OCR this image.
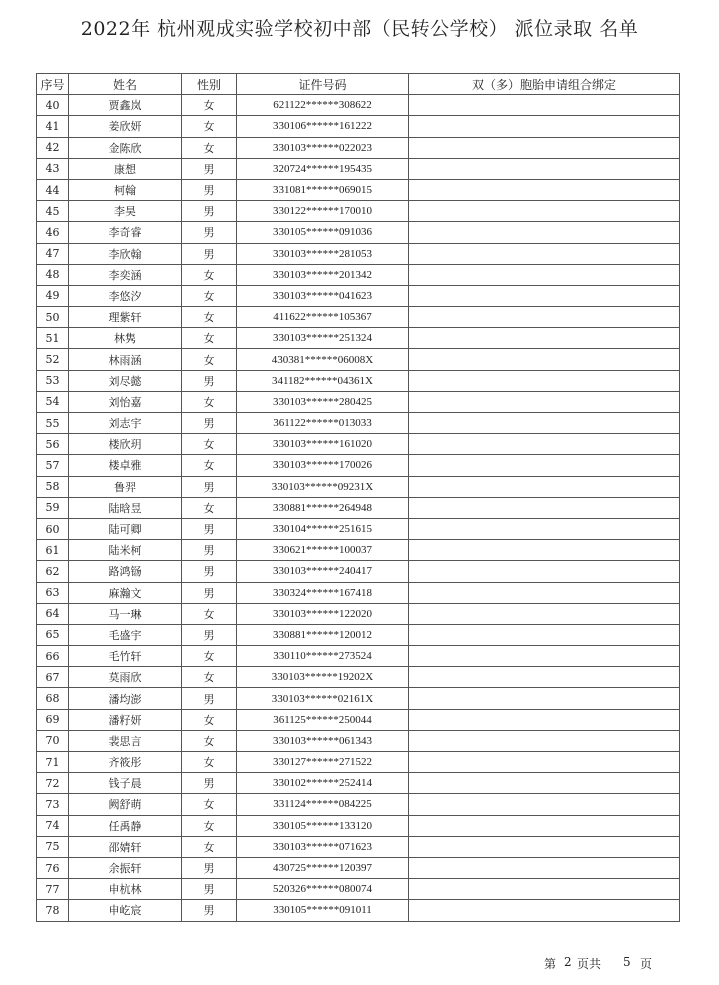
2022年 杭州观成实验学校初中部（民转公学校） 派位录取 名单
序号	姓名	性别	证件号码	双（多）胞胎申请组合绑定
40	贾鑫岚	女	621122******308622	
41	姜欣妍	女	330106******161222	
42	金陈欣	女	330103******022023	
43	康想	男	320724******195435	
44	柯翰	男	331081******069015	
45	李昊	男	330122******170010	
46	李奇睿	男	330105******091036	
47	李欣翰	男	330103******281053	
48	李奕涵	女	330103******201342	
49	李悠汐	女	330103******041623	
50	理紫轩	女	411622******105367	
51	林隽	女	330103******251324	
52	林雨涵	女	430381******06008X	
53	刘尽懿	男	341182******04361X	
54	刘怡嘉	女	330103******280425	
55	刘志宇	男	361122******013033	
56	楼欣玥	女	330103******161020	
57	楼卓雅	女	330103******170026	
58	鲁羿	男	330103******09231X	
59	陆晗昱	女	330881******264948	
60	陆可卿	男	330104******251615	
61	陆米柯	男	330621******100037	
62	路鸿铴	男	330103******240417	
63	麻瀚文	男	330324******167418	
64	马一琳	女	330103******122020	
65	毛盛宇	男	330881******120012	
66	毛竹轩	女	330110******273524	
67	莫雨欣	女	330103******19202X	
68	潘均澎	男	330103******02161X	
69	潘籽妍	女	361125******250044	
70	裴思言	女	330103******061343	
71	齐筱彤	女	330127******271522	
72	钱子晨	男	330102******252414	
73	阙舒萌	女	331124******084225	
74	任禹静	女	330105******133120	
75	邵婧轩	女	330103******071623	
76	余振轩	男	430725******120397	
77	申杭林	男	520326******080074	
78	申屹宸	男	330105******091011	
第 2 页共 5 页
